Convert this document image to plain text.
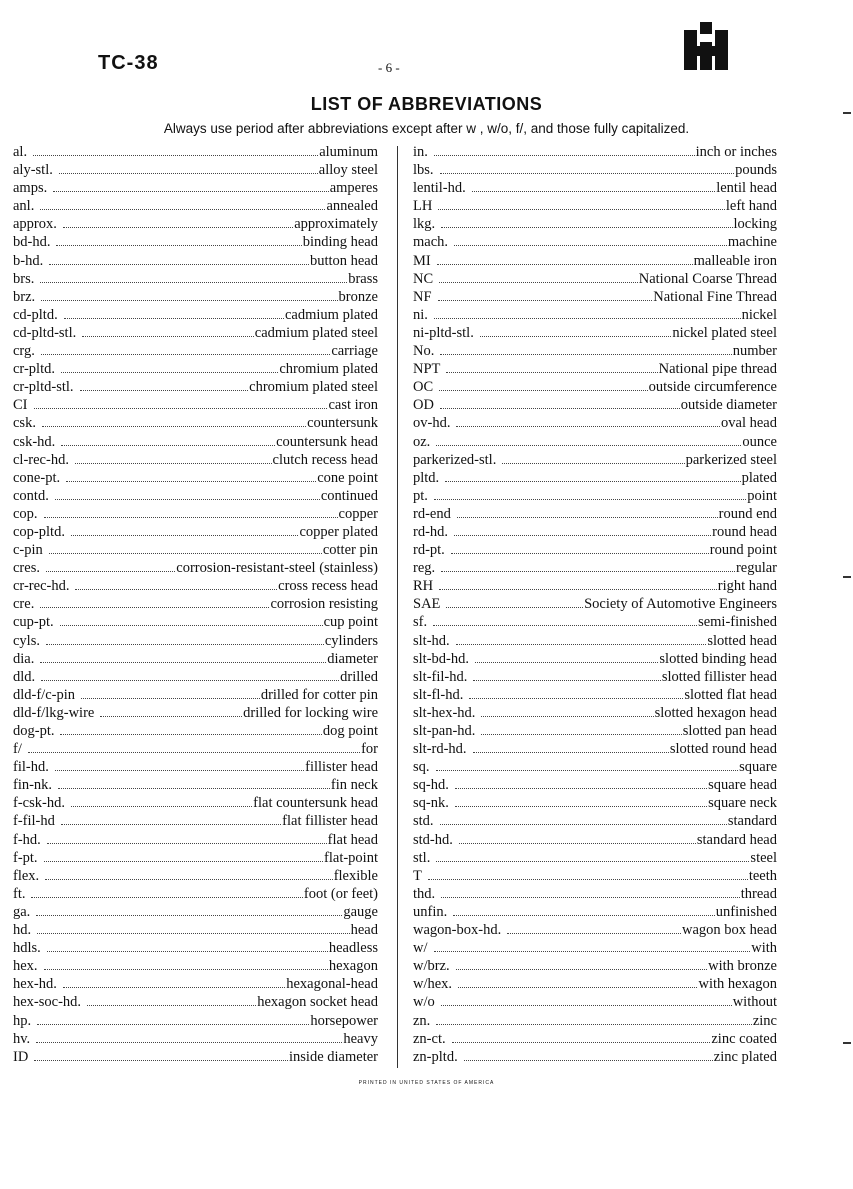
TC-38	- 6 -
LIST OF ABBREVIATIONS
Always use period after abbreviations except after w , w/o, f/, and those fully capitalized.
al.	aluminum
aly-stl.	alloy steel
amps.	amperes
anl.	annealed
approx.	approximately
bd-hd.	binding head
b-hd.	button head
brs.	brass
brz.	bronze
cd-pltd.	cadmium plated
cd-pltd-stl.	cadmium plated steel
crg.	carriage
cr-pltd.	chromium plated
cr-pltd-stl.	chromium plated steel
CI	cast iron
csk.	countersunk
csk-hd.	countersunk head
cl-rec-hd.	clutch recess head
cone-pt.	cone point
contd.	continued
cop.	copper
cop-pltd.	copper plated
c-pin	cotter pin
cres.	corrosion-resistant-steel (stainless)
cr-rec-hd.	cross recess head
cre.	corrosion resisting
cup-pt.	cup point
cyls.	cylinders
dia.	diameter
dld.	drilled
dld-f/c-pin	drilled for cotter pin
dld-f/lkg-wire	drilled for locking wire
dog-pt.	dog point
f/	for
fil-hd.	fillister head
fin-nk.	fin neck
f-csk-hd.	flat countersunk head
f-fil-hd	flat fillister head
f-hd.	flat head
f-pt.	flat-point
flex.	flexible
ft.	foot (or feet)
ga.	gauge
hd.	head
hdls.	headless
hex.	hexagon
hex-hd.	hexagonal-head
hex-soc-hd.	hexagon socket head
hp.	horsepower
hv.	heavy
ID	inside diameter
in.	inch or inches
lbs.	pounds
lentil-hd.	lentil head
LH	left hand
lkg.	locking
mach.	machine
MI	malleable iron
NC	National Coarse Thread
NF	National Fine Thread
ni.	nickel
ni-pltd-stl.	nickel plated steel
No.	number
NPT	National pipe thread
OC	outside circumference
OD	outside diameter
ov-hd.	oval head
oz.	ounce
parkerized-stl.	parkerized steel
pltd.	plated
pt.	point
rd-end	round end
rd-hd.	round head
rd-pt.	round point
reg.	regular
RH	right hand
SAE	Society of Automotive Engineers
sf.	semi-finished
slt-hd.	slotted head
slt-bd-hd.	slotted binding head
slt-fil-hd.	slotted fillister head
slt-fl-hd.	slotted flat head
slt-hex-hd.	slotted hexagon head
slt-pan-hd.	slotted pan head
slt-rd-hd.	slotted round head
sq.	square
sq-hd.	square head
sq-nk.	square neck
std.	standard
std-hd.	standard head
stl.	steel
T	teeth
thd.	thread
unfin.	unfinished
wagon-box-hd.	wagon box head
w/	with
w/brz.	with bronze
w/hex.	with hexagon
w/o	without
zn.	zinc
zn-ct.	zinc coated
zn-pltd.	zinc plated
PRINTED IN UNITED STATES OF AMERICA
